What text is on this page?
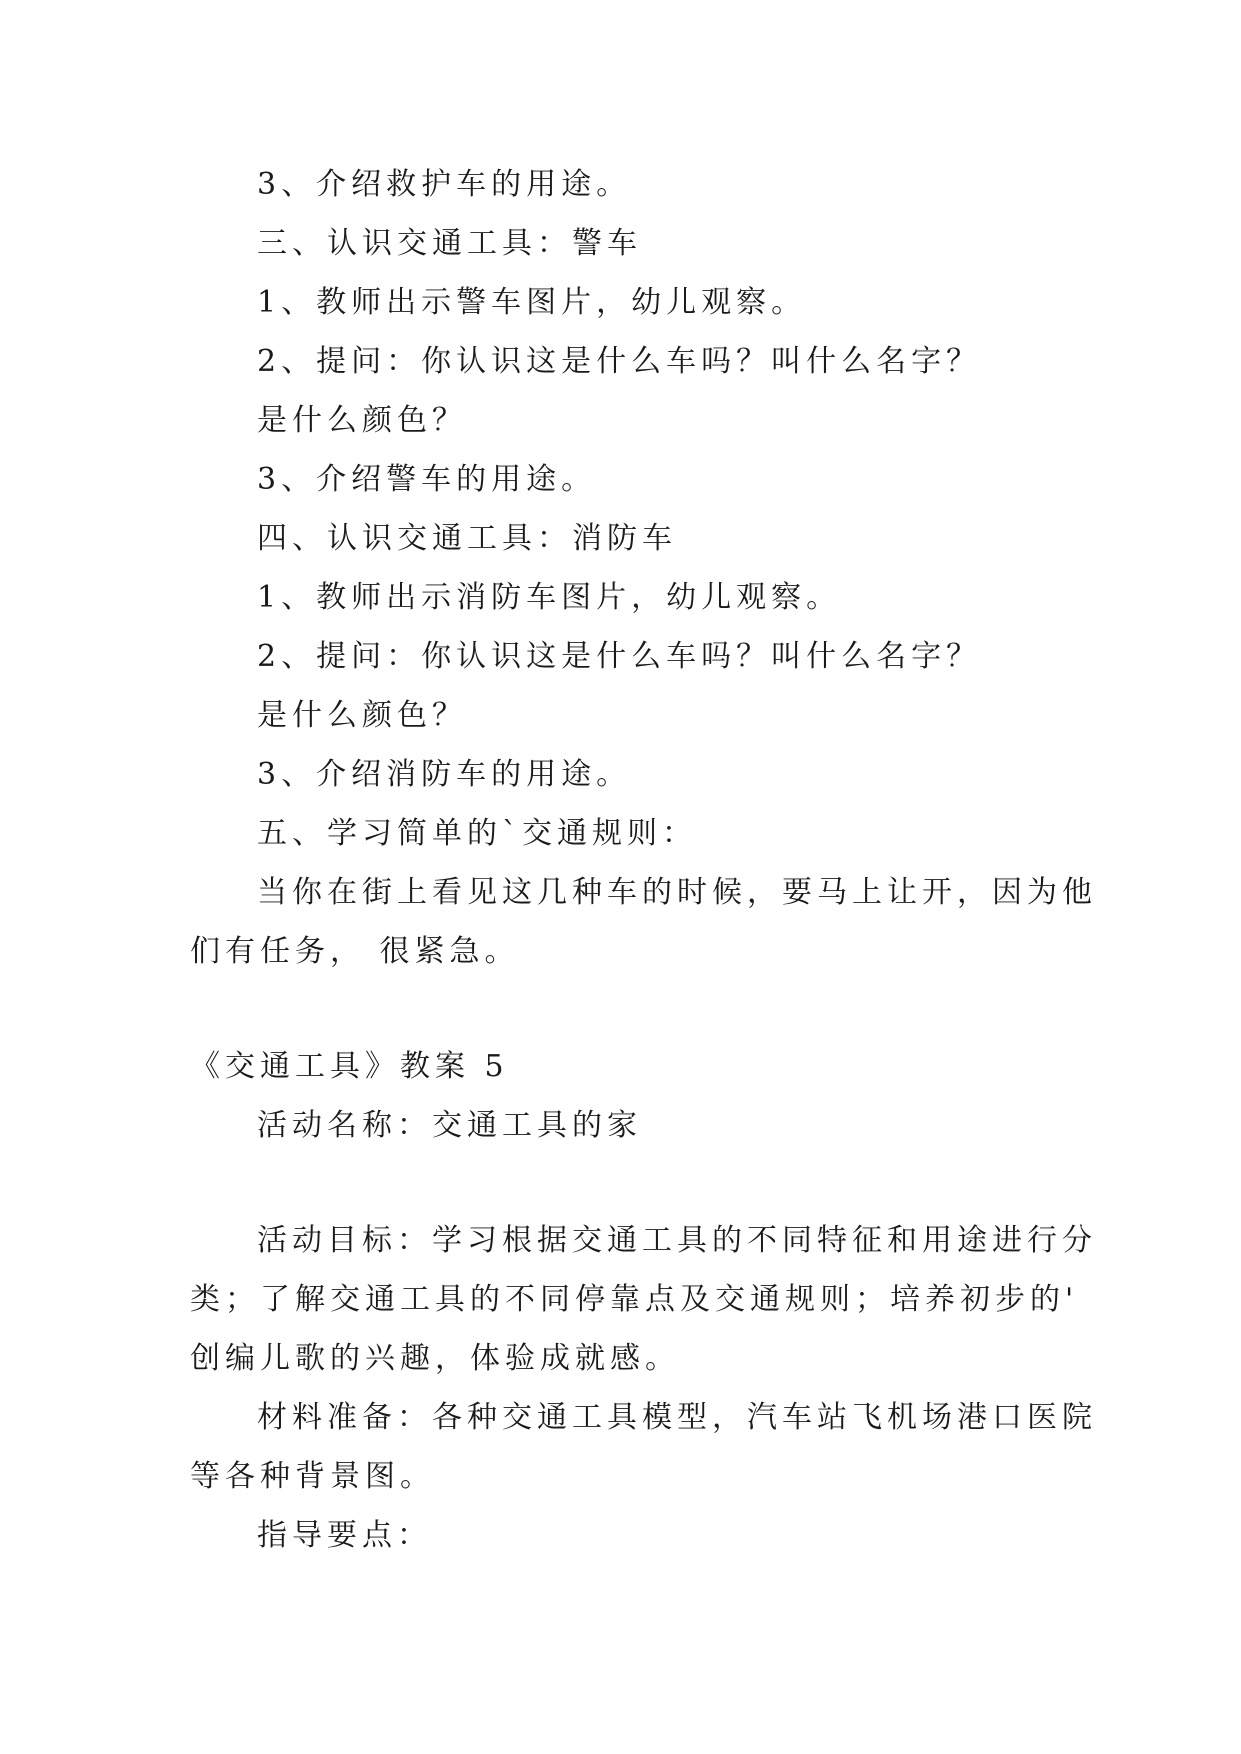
3、介绍救护车的用途。
三、认识交通工具：警车
1、教师出示警车图片，幼儿观察。
2、提问：你认识这是什么车吗？叫什么名字？
是什么颜色？
3、介绍警车的用途。
四、认识交通工具：消防车
1、教师出示消防车图片，幼儿观察。
2、提问：你认识这是什么车吗？叫什么名字？
是什么颜色？
3、介绍消防车的用途。
五、学习简单的`交通规则：
当你在街上看见这几种车的时候，要马上让开，因为他
们有任务， 很紧急。
《交通工具》教案 5
活动名称：交通工具的家
活动目标：学习根据交通工具的不同特征和用途进行分
类；了解交通工具的不同停靠点及交通规则；培养初步的'
创编儿歌的兴趣，体验成就感。
材料准备：各种交通工具模型，汽车站飞机场港口医院
等各种背景图。
指导要点：
